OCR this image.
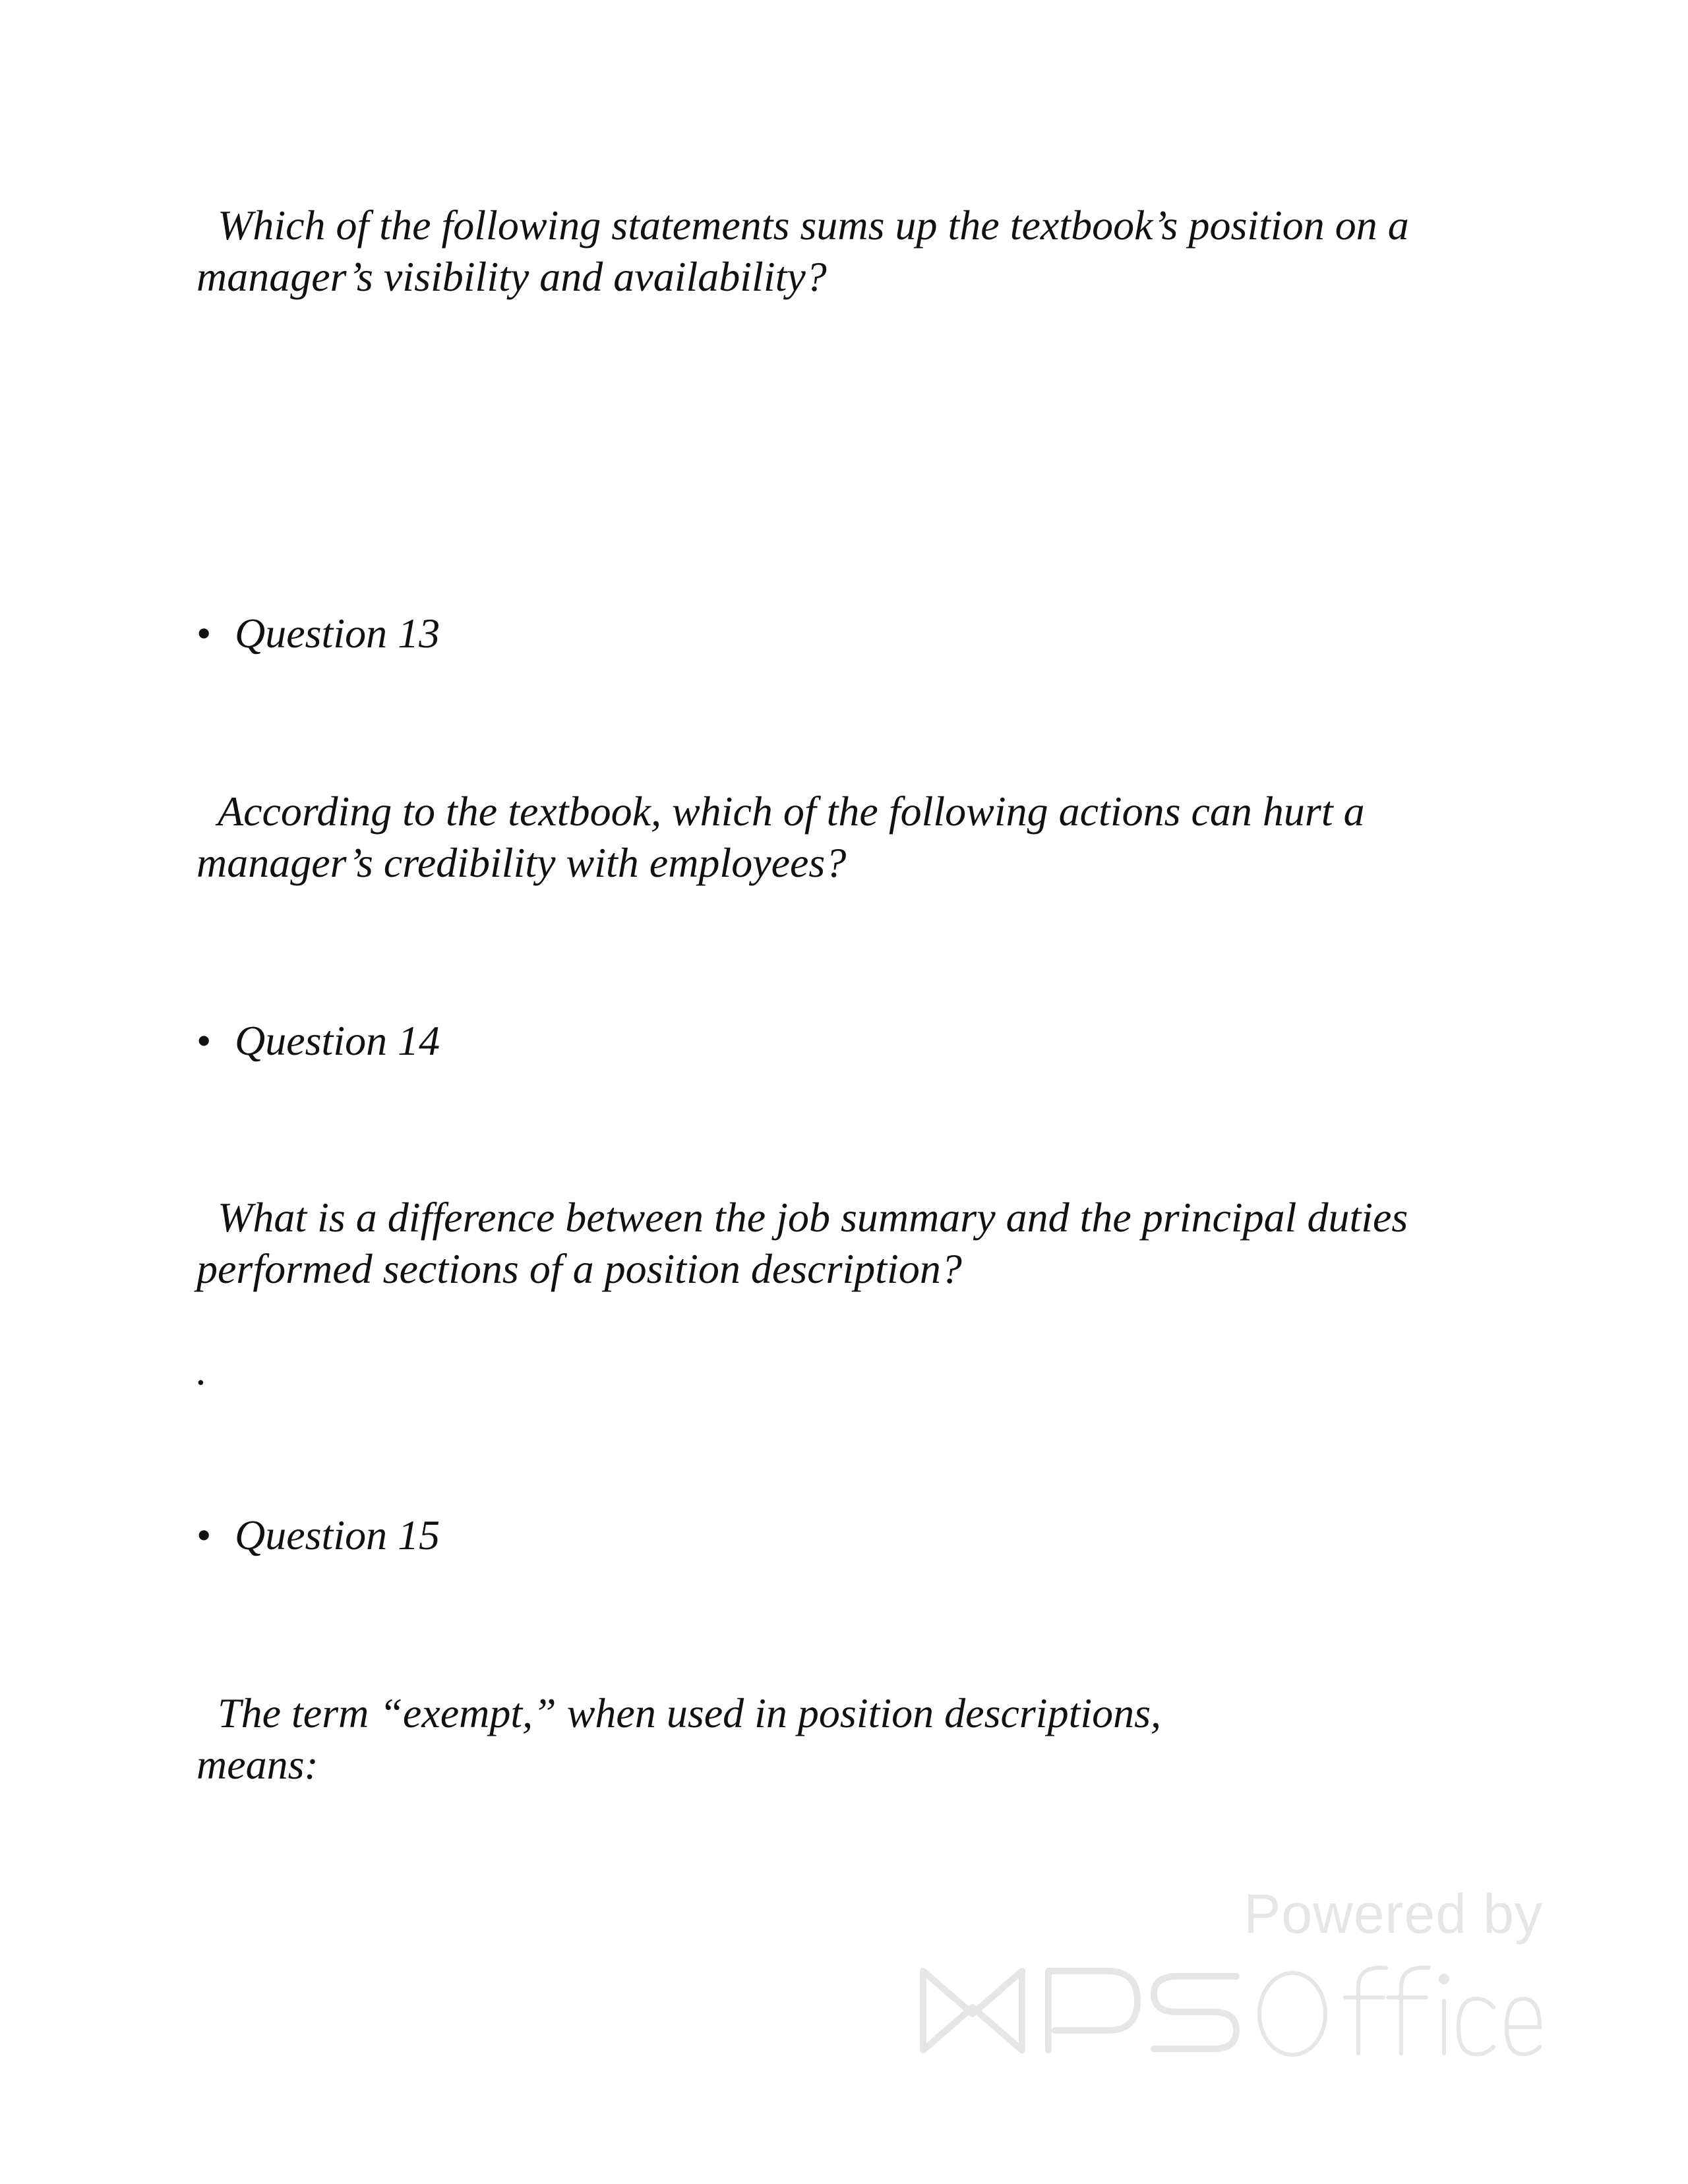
Which of the following statements sums up the textbook’s position on a manager’s visibility and availability?

• Question 13

According to the textbook, which of the following actions can hurt a manager’s credibility with employees?

• Question 14

What is a difference between the job summary and the principal duties performed sections of a position description?

.
• Question 15

The term “exempt,” when used in position descriptions,
means:

Powered by
